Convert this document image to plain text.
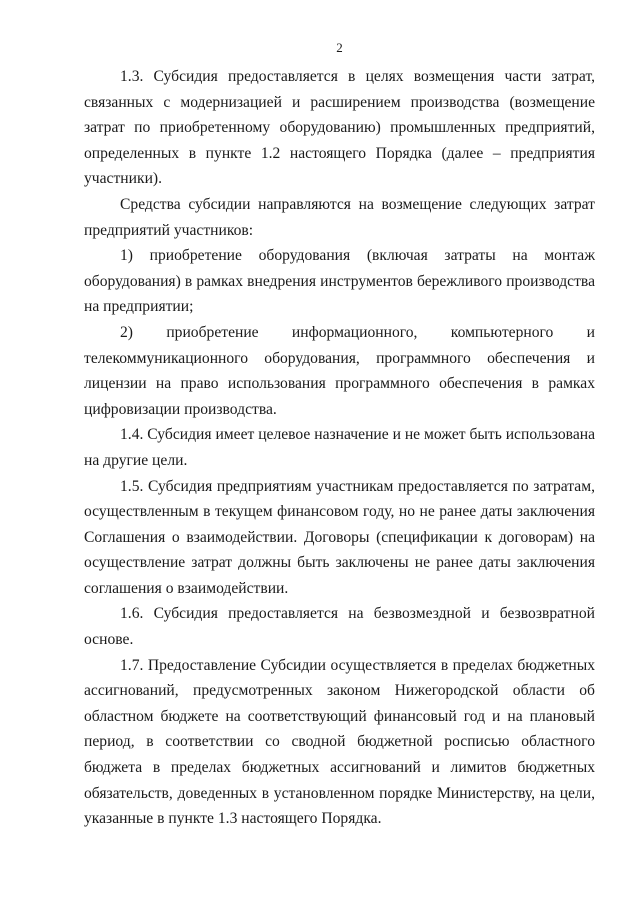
2

1.3. Субсидия предоставляется в целях возмещения части затрат, связанных с модернизацией и расширением производства (возмещение затрат по приобретенному оборудованию) промышленных предприятий, определенных в пункте 1.2 настоящего Порядка (далее – предприятия участники).

Средства субсидии направляются на возмещение следующих затрат предприятий участников:

1) приобретение оборудования (включая затраты на монтаж оборудования) в рамках внедрения инструментов бережливого производства на предприятии;

2) приобретение информационного, компьютерного и телекоммуникационного оборудования, программного обеспечения и лицензии на право использования программного обеспечения в рамках цифровизации производства.

1.4. Субсидия имеет целевое назначение и не может быть использована на другие цели.

1.5. Субсидия предприятиям участникам предоставляется по затратам, осуществленным в текущем финансовом году, но не ранее даты заключения Соглашения о взаимодействии. Договоры (спецификации к договорам) на осуществление затрат должны быть заключены не ранее даты заключения соглашения о взаимодействии.

1.6. Субсидия предоставляется на безвозмездной и безвозвратной основе.

1.7. Предоставление Субсидии осуществляется в пределах бюджетных ассигнований, предусмотренных законом Нижегородской области об областном бюджете на соответствующий финансовый год и на плановый период, в соответствии со сводной бюджетной росписью областного бюджета в пределах бюджетных ассигнований и лимитов бюджетных обязательств, доведенных в установленном порядке Министерству, на цели, указанные в пункте 1.3 настоящего Порядка.
